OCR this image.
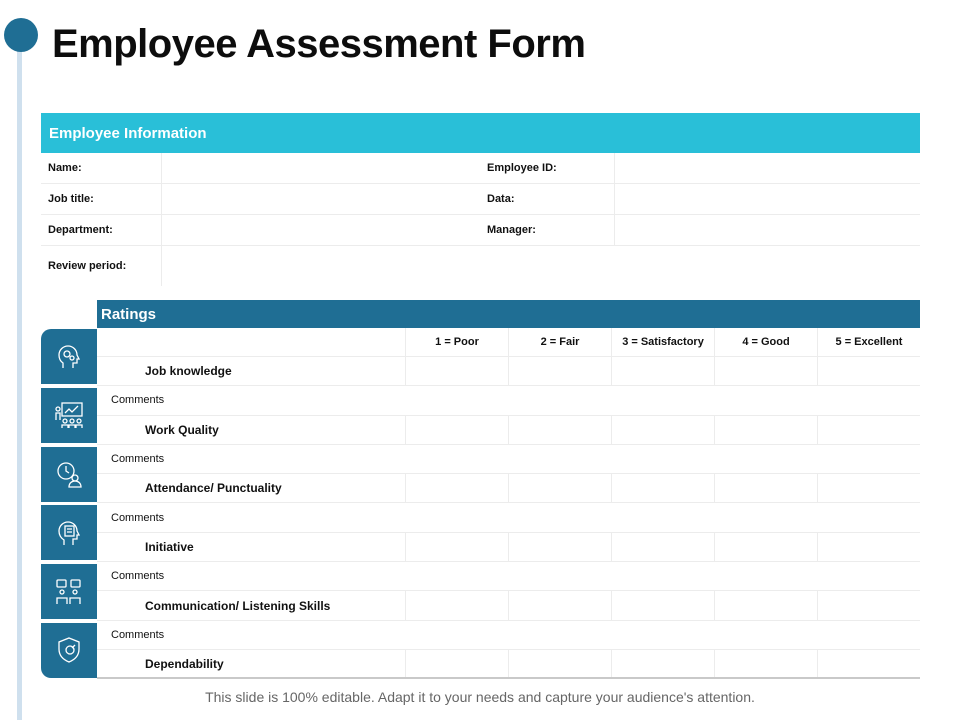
Employee Assessment Form
Employee Information
Name:	Employee ID:
Job title:	Data:
Department:	Manager:
Review period:
Ratings
1 = Poor	2 = Fair	3 = Satisfactory	4 = Good	5 = Excellent
Job knowledge
Comments
Work Quality
Comments
Attendance/ Punctuality
Comments
Initiative
Comments
Communication/ Listening Skills
Comments
Dependability
This slide is 100% editable. Adapt it to your needs and capture your audience's attention.
